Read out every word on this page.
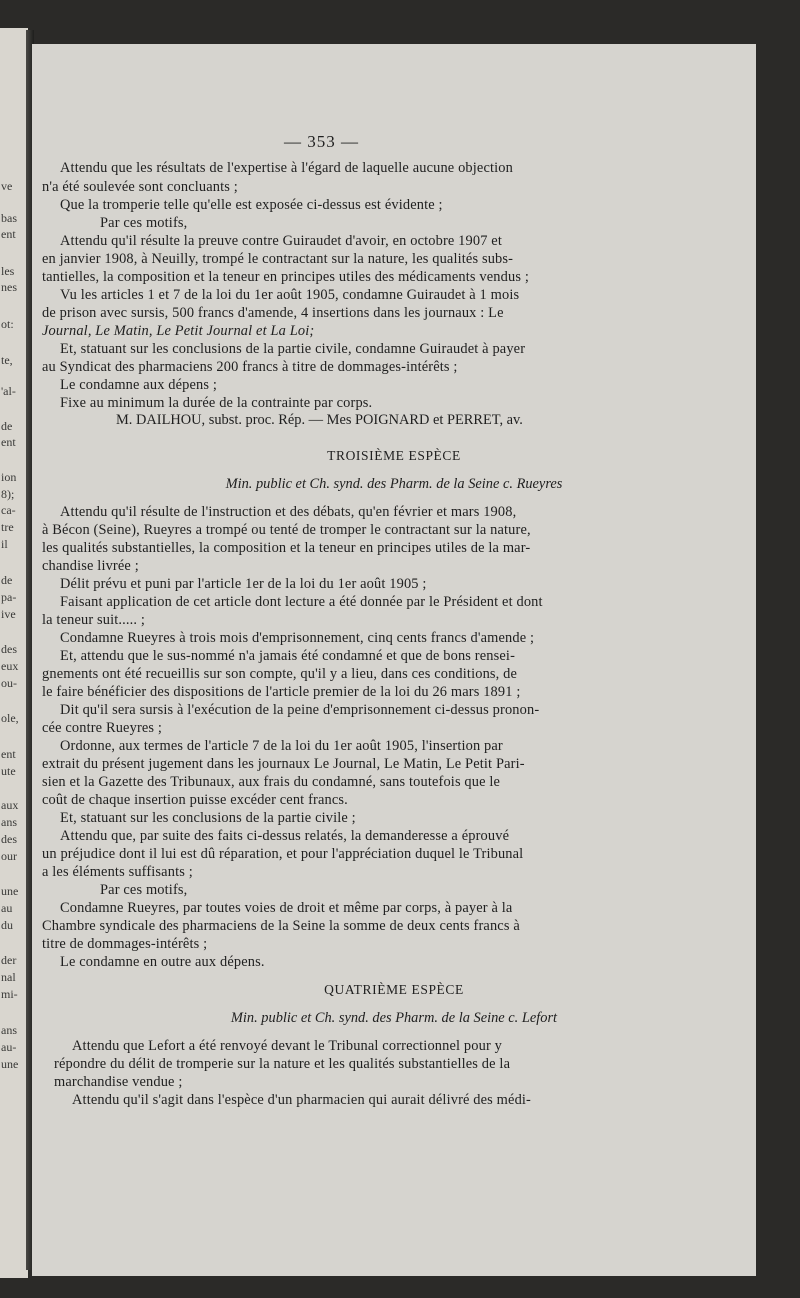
ve
bas
ent
les
nes
ot:
te,
'al-
de
ent
ion
8);
ca-
tre
il
de
pa-
ive
des
eux
ou-
ole,
ent
ute
aux
ans
des
our
une
au
du
der
nal
mi-
ans
au-
une
— 353 —
Attendu que les résultats de l'expertise à l'égard de laquelle aucune objection
n'a été soulevée sont concluants ;
Que la tromperie telle qu'elle est exposée ci-dessus est évidente ;
Par ces motifs,
Attendu qu'il résulte la preuve contre Guiraudet d'avoir, en octobre 1907 et
en janvier 1908, à Neuilly, trompé le contractant sur la nature, les qualités subs-
tantielles, la composition et la teneur en principes utiles des médicaments vendus ;
Vu les articles 1 et 7 de la loi du 1er août 1905, condamne Guiraudet à 1 mois
de prison avec sursis, 500 francs d'amende, 4 insertions dans les journaux : Le
Journal, Le Matin, Le Petit Journal et La Loi;
Et, statuant sur les conclusions de la partie civile, condamne Guiraudet à payer
au Syndicat des pharmaciens 200 francs à titre de dommages-intérêts ;
Le condamne aux dépens ;
Fixe au minimum la durée de la contrainte par corps.
M. DAILHOU, subst. proc. Rép. — Mes POIGNARD et PERRET, av.
TROISIÈME ESPÈCE
Min. public et Ch. synd. des Pharm. de la Seine c. Rueyres
Attendu qu'il résulte de l'instruction et des débats, qu'en février et mars 1908,
à Bécon (Seine), Rueyres a trompé ou tenté de tromper le contractant sur la nature,
les qualités substantielles, la composition et la teneur en principes utiles de la mar-
chandise livrée ;
Délit prévu et puni par l'article 1er de la loi du 1er août 1905 ;
Faisant application de cet article dont lecture a été donnée par le Président et dont
la teneur suit..... ;
Condamne Rueyres à trois mois d'emprisonnement, cinq cents francs d'amende ;
Et, attendu que le sus-nommé n'a jamais été condamné et que de bons rensei-
gnements ont été recueillis sur son compte, qu'il y a lieu, dans ces conditions, de
le faire bénéficier des dispositions de l'article premier de la loi du 26 mars 1891 ;
Dit qu'il sera sursis à l'exécution de la peine d'emprisonnement ci-dessus pronon-
cée contre Rueyres ;
Ordonne, aux termes de l'article 7 de la loi du 1er août 1905, l'insertion par
extrait du présent jugement dans les journaux Le Journal, Le Matin, Le Petit Pari-
sien et la Gazette des Tribunaux, aux frais du condamné, sans toutefois que le
coût de chaque insertion puisse excéder cent francs.
Et, statuant sur les conclusions de la partie civile ;
Attendu que, par suite des faits ci-dessus relatés, la demanderesse a éprouvé
un préjudice dont il lui est dû réparation, et pour l'appréciation duquel le Tribunal
a les éléments suffisants ;
Par ces motifs,
Condamne Rueyres, par toutes voies de droit et même par corps, à payer à la
Chambre syndicale des pharmaciens de la Seine la somme de deux cents francs à
titre de dommages-intérêts ;
Le condamne en outre aux dépens.
QUATRIÈME ESPÈCE
Min. public et Ch. synd. des Pharm. de la Seine c. Lefort
Attendu que Lefort a été renvoyé devant le Tribunal correctionnel pour y
répondre du délit de tromperie sur la nature et les qualités substantielles de la
marchandise vendue ;
Attendu qu'il s'agit dans l'espèce d'un pharmacien qui aurait délivré des médi-
